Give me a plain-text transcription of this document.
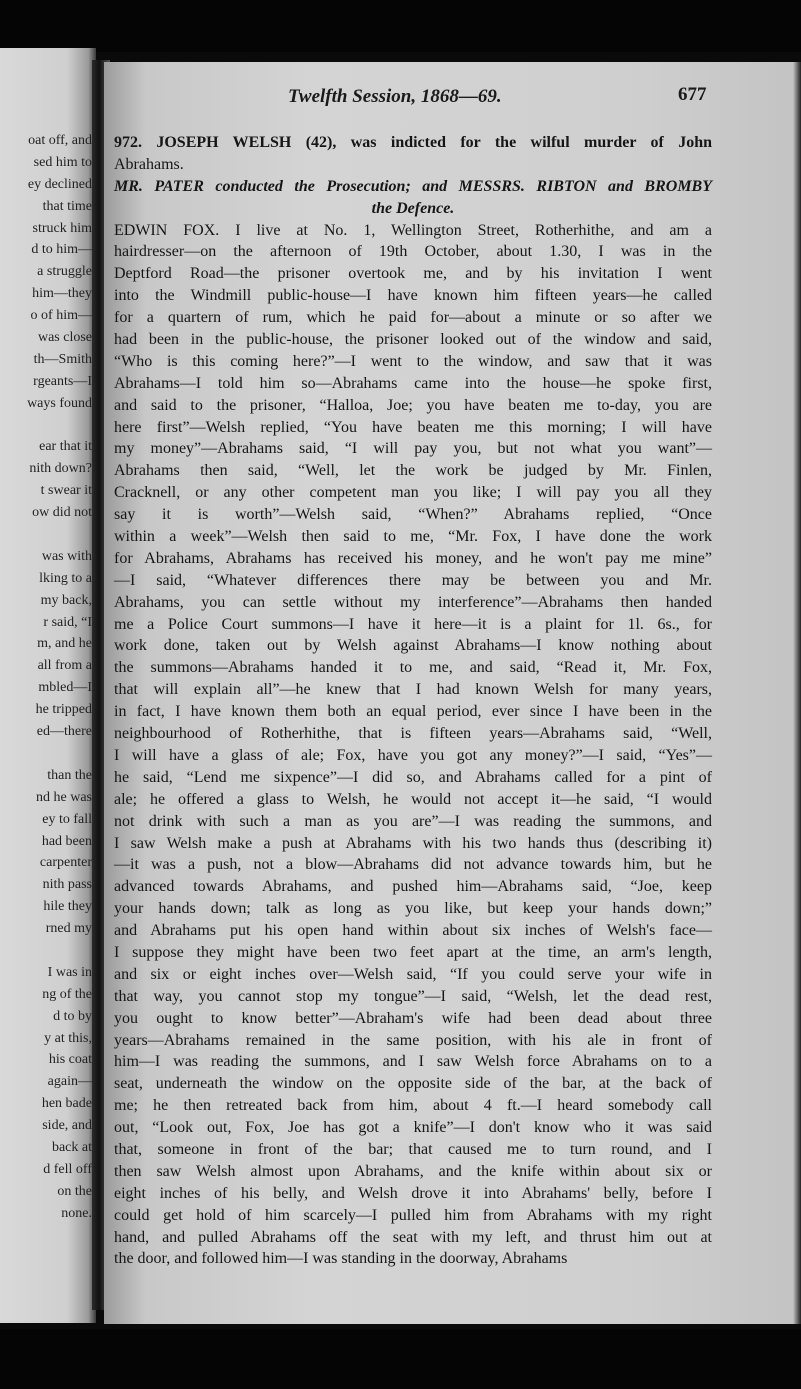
oat off, and
sed him to
ey declined
that time
struck him
d to him—
a struggle
him—they
o of him—
was close
th—Smith
rgeants—I
ways found
ear that it
nith down?
t swear it
ow did not
was with
lking to a
my back,
r said, “I
m, and he
all from a
mbled—I
he tripped
ed—there
than the
nd he was
ey to fall
had been
carpenter
nith pass
hile they
rned my
I was in
ng of the
d to by
y at this,
his coat
again—
hen bade
side, and
back at
d fell off
on the
none.
Twelfth Session, 1868—69.	677
972. JOSEPH WELSH (42), was indicted for the wilful murder of John
Abrahams.
MR. PATER conducted the Prosecution; and MESSRS. RIBTON and BROMBY
the Defence.
EDWIN FOX. I live at No. 1, Wellington Street, Rotherhithe, and am a
hairdresser—on the afternoon of 19th October, about 1.30, I was in the
Deptford Road—the prisoner overtook me, and by his invitation I went
into the Windmill public-house—I have known him fifteen years—he called
for a quartern of rum, which he paid for—about a minute or so after we
had been in the public-house, the prisoner looked out of the window and said,
“Who is this coming here?”—I went to the window, and saw that it was
Abrahams—I told him so—Abrahams came into the house—he spoke first,
and said to the prisoner, “Halloa, Joe; you have beaten me to-day, you are
here first”—Welsh replied, “You have beaten me this morning; I will have
my money”—Abrahams said, “I will pay you, but not what you want”—
Abrahams then said, “Well, let the work be judged by Mr. Finlen,
Cracknell, or any other competent man you like; I will pay you all they
say it is worth”—Welsh said, “When?” Abrahams replied, “Once
within a week”—Welsh then said to me, “Mr. Fox, I have done the work
for Abrahams, Abrahams has received his money, and he won't pay me mine”
—I said, “Whatever differences there may be between you and Mr.
Abrahams, you can settle without my interference”—Abrahams then handed
me a Police Court summons—I have it here—it is a plaint for 1l. 6s., for
work done, taken out by Welsh against Abrahams—I know nothing about
the summons—Abrahams handed it to me, and said, “Read it, Mr. Fox,
that will explain all”—he knew that I had known Welsh for many years,
in fact, I have known them both an equal period, ever since I have been in the
neighbourhood of Rotherhithe, that is fifteen years—Abrahams said, “Well,
I will have a glass of ale; Fox, have you got any money?”—I said, “Yes”—
he said, “Lend me sixpence”—I did so, and Abrahams called for a pint of
ale; he offered a glass to Welsh, he would not accept it—he said, “I would
not drink with such a man as you are”—I was reading the summons, and
I saw Welsh make a push at Abrahams with his two hands thus (describing it)
—it was a push, not a blow—Abrahams did not advance towards him, but he
advanced towards Abrahams, and pushed him—Abrahams said, “Joe, keep
your hands down; talk as long as you like, but keep your hands down;”
and Abrahams put his open hand within about six inches of Welsh's face—
I suppose they might have been two feet apart at the time, an arm's length,
and six or eight inches over—Welsh said, “If you could serve your wife in
that way, you cannot stop my tongue”—I said, “Welsh, let the dead rest,
you ought to know better”—Abraham's wife had been dead about three
years—Abrahams remained in the same position, with his ale in front of
him—I was reading the summons, and I saw Welsh force Abrahams on to a
seat, underneath the window on the opposite side of the bar, at the back of
me; he then retreated back from him, about 4 ft.—I heard somebody call
out, “Look out, Fox, Joe has got a knife”—I don't know who it was said
that, someone in front of the bar; that caused me to turn round, and I
then saw Welsh almost upon Abrahams, and the knife within about six or
eight inches of his belly, and Welsh drove it into Abrahams' belly, before I
could get hold of him scarcely—I pulled him from Abrahams with my right
hand, and pulled Abrahams off the seat with my left, and thrust him out at
the door, and followed him—I was standing in the doorway, Abrahams
